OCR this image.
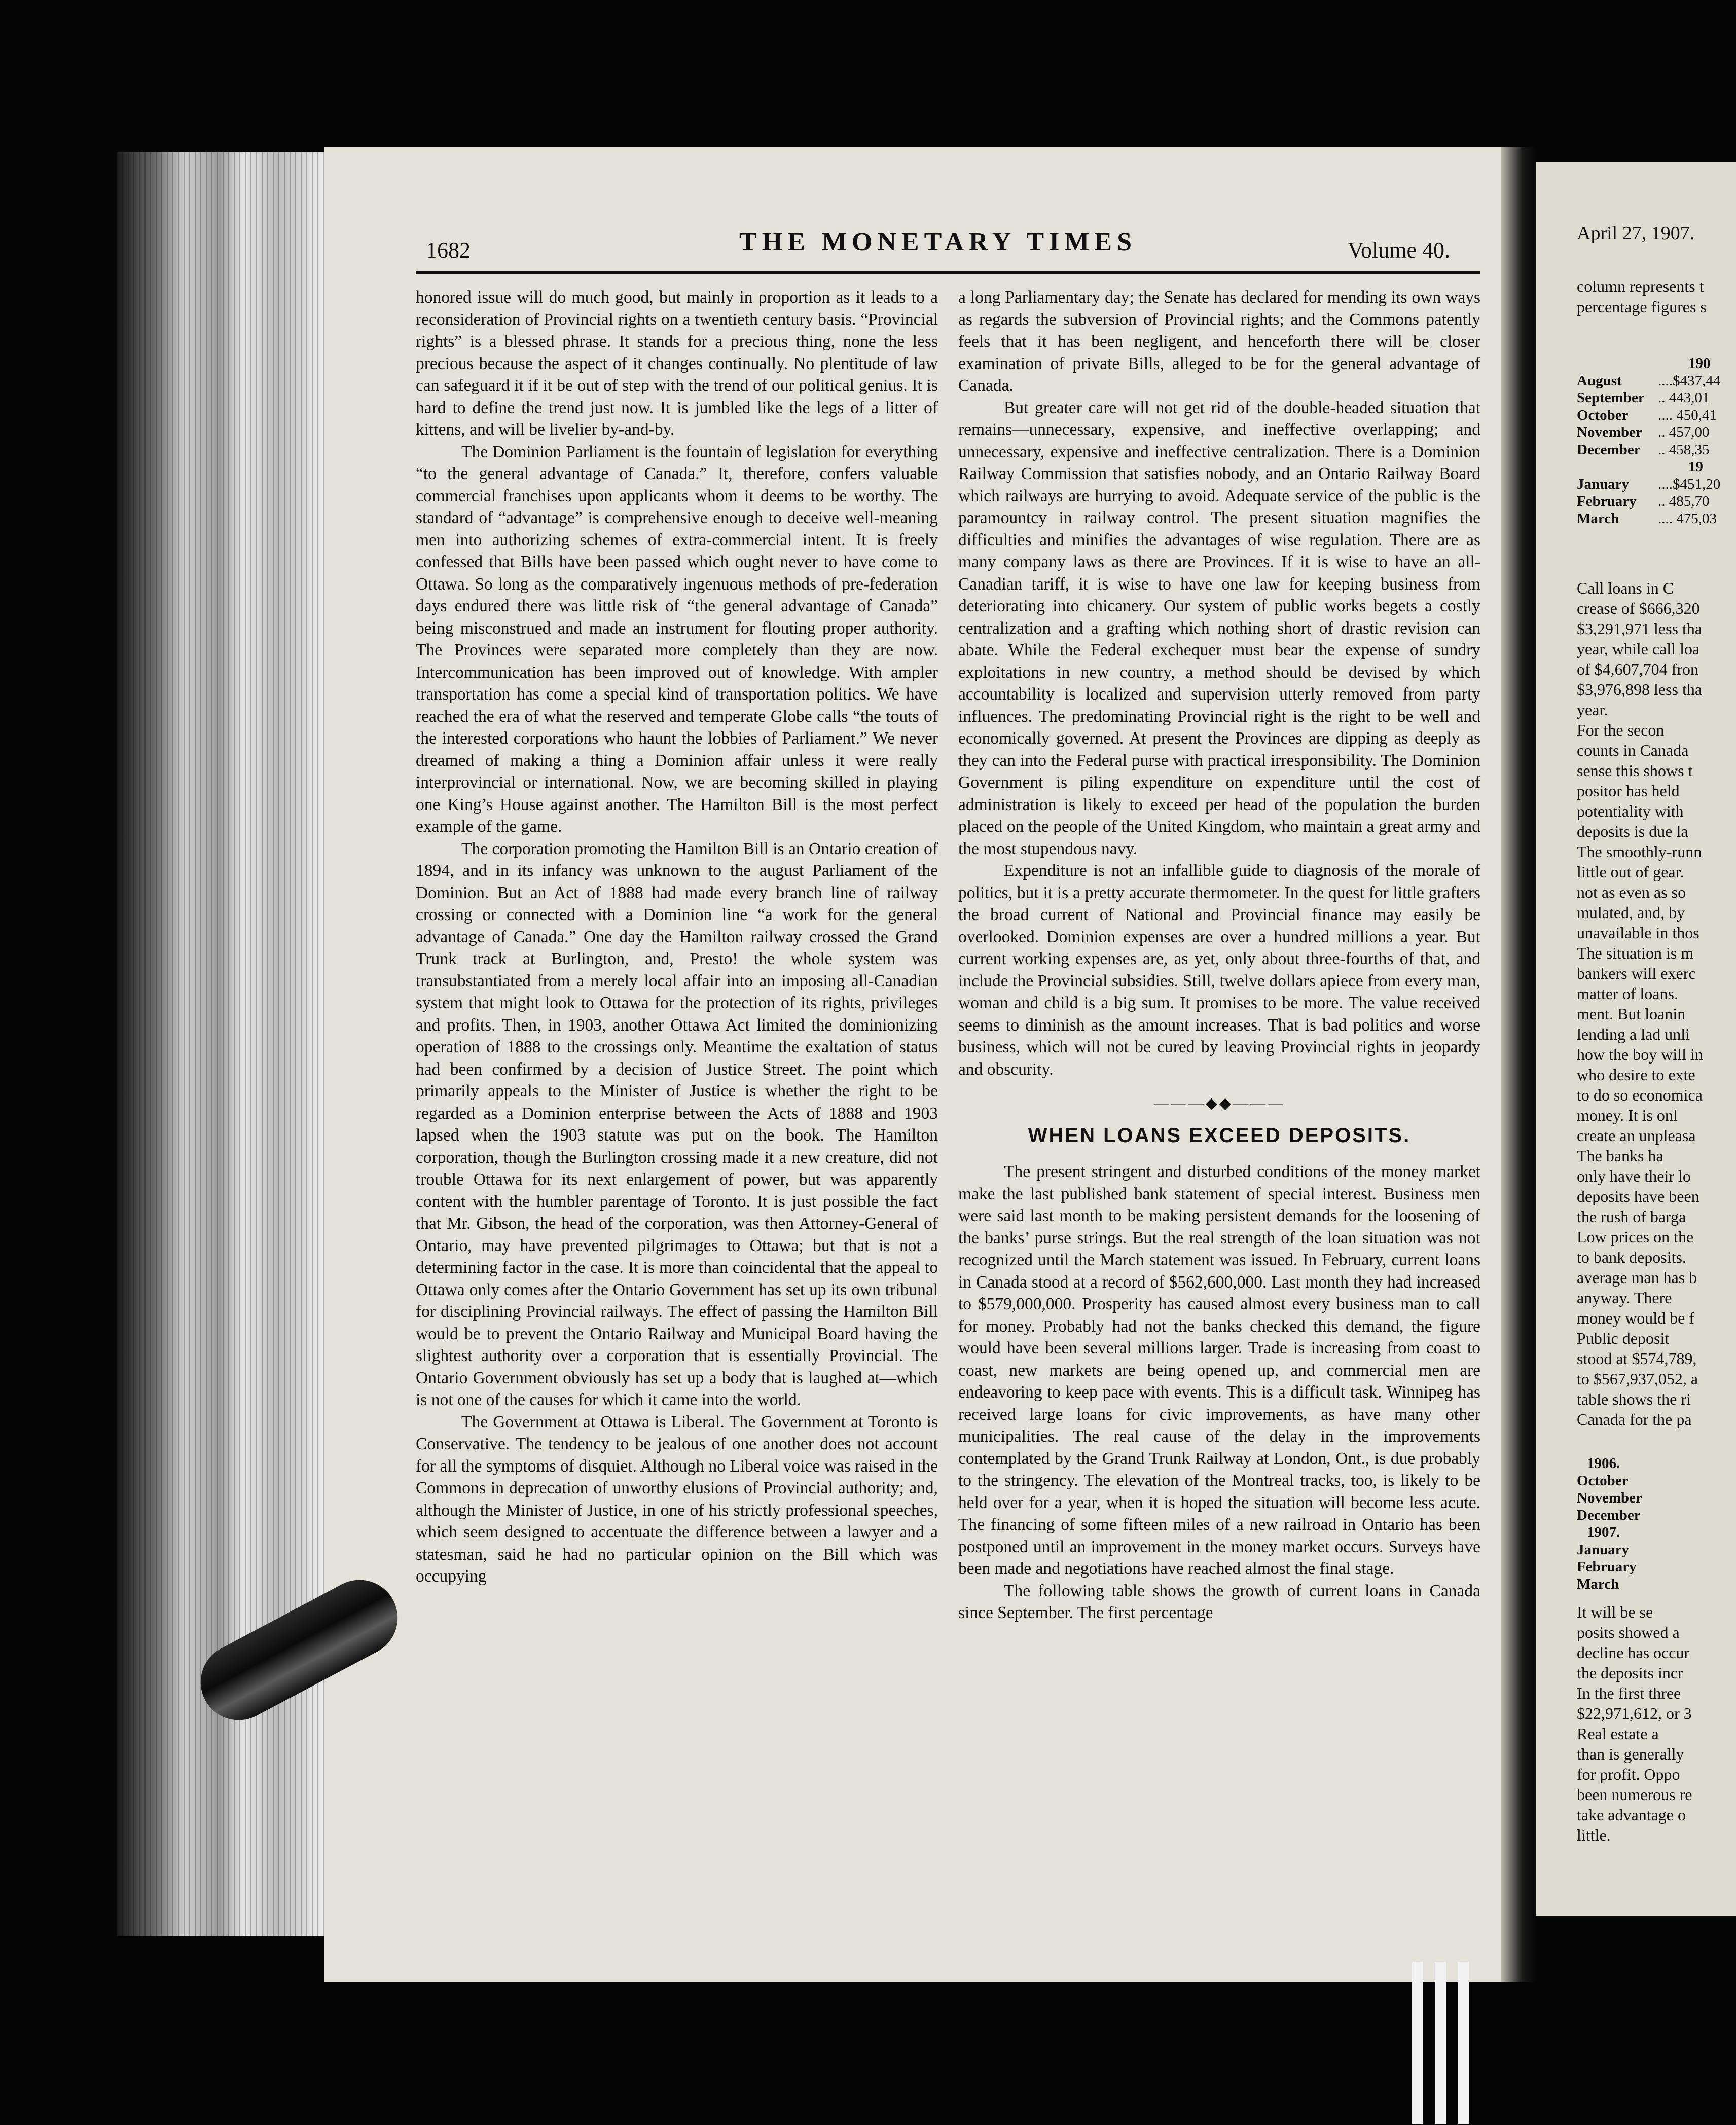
1682	THE MONETARY TIMES	Volume 40.

honored issue will do much good, but mainly in proportion as it leads to a reconsideration of Provincial rights on a twentieth century basis. “Provincial rights” is a blessed phrase. It stands for a precious thing, none the less precious because the aspect of it changes continually. No plentitude of law can safeguard it if it be out of step with the trend of our political genius. It is hard to define the trend just now. It is jumbled like the legs of a litter of kittens, and will be livelier by-and-by.

The Dominion Parliament is the fountain of legislation for everything “to the general advantage of Canada.” It, therefore, confers valuable commercial franchises upon applicants whom it deems to be worthy. The standard of “advantage” is comprehensive enough to deceive well-meaning men into authorizing schemes of extra-commercial intent. It is freely confessed that Bills have been passed which ought never to have come to Ottawa. So long as the comparatively ingenuous methods of pre-federation days endured there was little risk of “the general advantage of Canada” being misconstrued and made an instrument for flouting proper authority. The Provinces were separated more completely than they are now. Intercommunication has been improved out of knowledge. With ampler transportation has come a special kind of transportation politics. We have reached the era of what the reserved and temperate Globe calls “the touts of the interested corporations who haunt the lobbies of Parliament.” We never dreamed of making a thing a Dominion affair unless it were really interprovincial or international. Now, we are becoming skilled in playing one King’s House against another. The Hamilton Bill is the most perfect example of the game.

The corporation promoting the Hamilton Bill is an Ontario creation of 1894, and in its infancy was unknown to the august Parliament of the Dominion. But an Act of 1888 had made every branch line of railway crossing or connected with a Dominion line “a work for the general advantage of Canada.” One day the Hamilton railway crossed the Grand Trunk track at Burlington, and, Presto! the whole system was transubstantiated from a merely local affair into an imposing all-Canadian system that might look to Ottawa for the protection of its rights, privileges and profits. Then, in 1903, another Ottawa Act limited the dominionizing operation of 1888 to the crossings only. Meantime the exaltation of status had been confirmed by a decision of Justice Street. The point which primarily appeals to the Minister of Justice is whether the right to be regarded as a Dominion enterprise between the Acts of 1888 and 1903 lapsed when the 1903 statute was put on the book. The Hamilton corporation, though the Burlington crossing made it a new creature, did not trouble Ottawa for its next enlargement of power, but was apparently content with the humbler parentage of Toronto. It is just possible the fact that Mr. Gibson, the head of the corporation, was then Attorney-General of Ontario, may have prevented pilgrimages to Ottawa; but that is not a determining factor in the case. It is more than coincidental that the appeal to Ottawa only comes after the Ontario Government has set up its own tribunal for disciplining Provincial railways. The effect of passing the Hamilton Bill would be to prevent the Ontario Railway and Municipal Board having the slightest authority over a corporation that is essentially Provincial. The Ontario Government obviously has set up a body that is laughed at—which is not one of the causes for which it came into the world.

The Government at Ottawa is Liberal. The Government at Toronto is Conservative. The tendency to be jealous of one another does not account for all the symptoms of disquiet. Although no Liberal voice was raised in the Commons in deprecation of unworthy elusions of Provincial authority; and, although the Minister of Justice, in one of his strictly professional speeches, which seem designed to accentuate the difference between a lawyer and a statesman, said he had no particular opinion on the Bill which was occupying

a long Parliamentary day; the Senate has declared for mending its own ways as regards the subversion of Provincial rights; and the Commons patently feels that it has been negligent, and henceforth there will be closer examination of private Bills, alleged to be for the general advantage of Canada.

But greater care will not get rid of the double-headed situation that remains—unnecessary, expensive, and ineffective overlapping; and unnecessary, expensive and ineffective centralization. There is a Dominion Railway Commission that satisfies nobody, and an Ontario Railway Board which railways are hurrying to avoid. Adequate service of the public is the paramountcy in railway control. The present situation magnifies the difficulties and minifies the advantages of wise regulation. There are as many company laws as there are Provinces. If it is wise to have an all-Canadian tariff, it is wise to have one law for keeping business from deteriorating into chicanery. Our system of public works begets a costly centralization and a grafting which nothing short of drastic revision can abate. While the Federal exchequer must bear the expense of sundry exploitations in new country, a method should be devised by which accountability is localized and supervision utterly removed from party influences. The predominating Provincial right is the right to be well and economically governed. At present the Provinces are dipping as deeply as they can into the Federal purse with practical irresponsibility. The Dominion Government is piling expenditure on expenditure until the cost of administration is likely to exceed per head of the population the burden placed on the people of the United Kingdom, who maintain a great army and the most stupendous navy.

Expenditure is not an infallible guide to diagnosis of the morale of politics, but it is a pretty accurate thermometer. In the quest for little grafters the broad current of National and Provincial finance may easily be overlooked. Dominion expenses are over a hundred millions a year. But current working expenses are, as yet, only about three-fourths of that, and include the Provincial subsidies. Still, twelve dollars apiece from every man, woman and child is a big sum. It promises to be more. The value received seems to diminish as the amount increases. That is bad politics and worse business, which will not be cured by leaving Provincial rights in jeopardy and obscurity.

———◆◆———
WHEN LOANS EXCEED DEPOSITS.

The present stringent and disturbed conditions of the money market make the last published bank statement of special interest. Business men were said last month to be making persistent demands for the loosening of the banks’ purse strings. But the real strength of the loan situation was not recognized until the March statement was issued. In February, current loans in Canada stood at a record of $562,600,000. Last month they had increased to $579,000,000. Prosperity has caused almost every business man to call for money. Probably had not the banks checked this demand, the figure would have been several millions larger. Trade is increasing from coast to coast, new markets are being opened up, and commercial men are endeavoring to keep pace with events. This is a difficult task. Winnipeg has received large loans for civic improvements, as have many other municipalities. The real cause of the delay in the improvements contemplated by the Grand Trunk Railway at London, Ont., is due probably to the stringency. The elevation of the Montreal tracks, too, is likely to be held over for a year, when it is hoped the situation will become less acute. The financing of some fifteen miles of a new railroad in Ontario has been postponed until an improvement in the money market occurs. Surveys have been made and negotiations have reached almost the final stage.

The following table shows the growth of current loans in Canada since September. The first percentage

April 27, 1907.
column represents t
percentage figures s
190
August ....$437,44
September .. 443,01
October .... 450,41
November .. 457,00
December .. 458,35
19
January ....$451,20
February .. 485,70
March	.... 475,03
Call loans in C
crease of $666,320
$3,291,971 less tha
year, while call loa
of $4,607,704 fron
$3,976,898 less tha
year.
For the secon
counts in Canada
sense this shows t
positor has held
potentiality with
deposits is due la
The smoothly-runn
little out of gear.
not as even as so
mulated, and, by
unavailable in thos
The situation is m
bankers will exerc
matter of loans.
ment. But loanin
lending a lad unli
how the boy will in
who desire to exte
to do so economica
money. It is onl
create an unpleasa
The banks ha
only have their lo
deposits have been
the rush of barga
Low prices on the
to bank deposits.
average man has b
anyway. There
money would be f
Public deposit
stood at $574,789,
to $567,937,052, a
table shows the ri
Canada for the pa
1906.
October
November
December
1907.
January
February
March
It will be se
posits showed a
decline has occur
the deposits incr
In the first three
$22,971,612, or 3
Real estate a
than is generally
for profit. Oppo
been numerous re
take advantage o
little.
